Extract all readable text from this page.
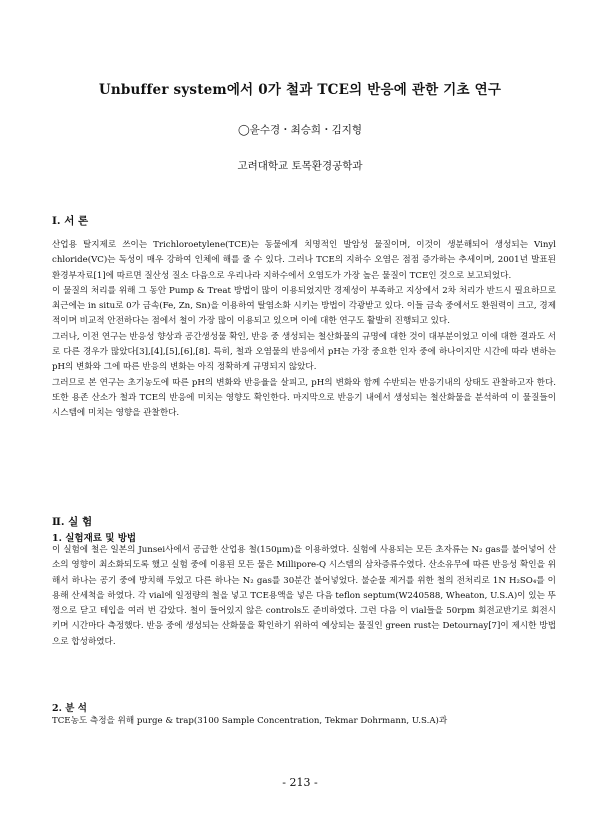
Unbuffer system에서 0가 철과 TCE의 반응에 관한 기초 연구
◯윤수경・최승희・김지형
고려대학교 토목환경공학과
Ⅰ. 서 론

산업용 탈지제로 쓰이는 Trichloroetylene(TCE)는 동물에게 치명적인 발암성 물질이며, 이것이 생분해되어 생성되는 Vinyl chloride(VC)는 독성이 매우 강하여 인체에 해를 줄 수 있다. 그러나 TCE의 지하수 오염은 점점 증가하는 추세이며, 2001년 발표된 환경부자료[1]에 따르면 질산성 질소 다음으로 우리나라 지하수에서 오염도가 가장 높은 물질이 TCE인 것으로 보고되었다.

이 물질의 처리를 위해 그 동안 Pump & Treat 방법이 많이 이용되었지만 경제성이 부족하고 지상에서 2차 처리가 반드시 필요하므로 최근에는 in situ로 0가 금속(Fe, Zn, Sn)을 이용하여 탈염소화 시키는 방법이 각광받고 있다. 이들 금속 중에서도 환원력이 크고, 경제적이며 비교적 안전하다는 점에서 철이 가장 많이 이용되고 있으며 이에 대한 연구도 활발히 진행되고 있다.

그러나, 이전 연구는 반응성 향상과 공간생성물 확인, 반응 중 생성되는 철산화물의 규명에 대한 것이 대부분이었고 이에 대한 결과도 서로 다른 경우가 많았다[3],[4],[5],[6],[8]. 특히, 철과 오염물의 반응에서 pH는 가장 중요한 인자 중에 하나이지만 시간에 따라 변하는 pH의 변화와 그에 따른 반응의 변화는 아직 정확하게 규명되지 않았다.

그러므로 본 연구는 초기농도에 따른 pH의 변화와 반응율을 살피고, pH의 변화와 함께 수반되는 반응기내의 상태도 관찰하고자 한다. 또한 용존 산소가 철과 TCE의 반응에 미치는 영향도 확인한다. 마지막으로 반응기 내에서 생성되는 철산화물을 분석하여 이 물질들이 시스템에 미치는 영향을 관찰한다.

Ⅱ. 실 험
1. 실험재료 및 방법

이 실험에 철은 일본의 Junsei사에서 공급한 산업용 철(150μm)을 이용하였다. 실험에 사용되는 모든 초자류는 N₂ gas를 불어넣어 산소의 영향이 최소화되도록 했고 실험 중에 이용된 모든 물은 Millipore-Q 시스템의 삼차증류수였다. 산소유무에 따른 반응성 확인을 위해서 하나는 공기 중에 방치해 두었고 다른 하나는 N₂ gas를 30분간 불어넣었다. 불순물 제거를 위한 철의 전처리로 1N H₂SO₄를 이용해 산세척을 하였다. 각 vial에 일정량의 철을 넣고 TCE용액을 넣은 다음 teflon septum(W240588, Wheaton, U.S.A)이 있는 뚜껑으로 닫고 테입을 여러 번 감았다. 철이 들어있지 않은 controls도 준비하였다. 그런 다음 이 vial들을 50rpm 회전교반기로 회전시키며 시간마다 측정했다. 반응 중에 생성되는 산화물을 확인하기 위하여 예상되는 물질인 green rust는 Detournay[7]이 제시한 방법으로 합성하였다.

2. 분 석

TCE농도 측정을 위해 purge & trap(3100 Sample Concentration, Tekmar Dohrmann, U.S.A)과

- 213 -
